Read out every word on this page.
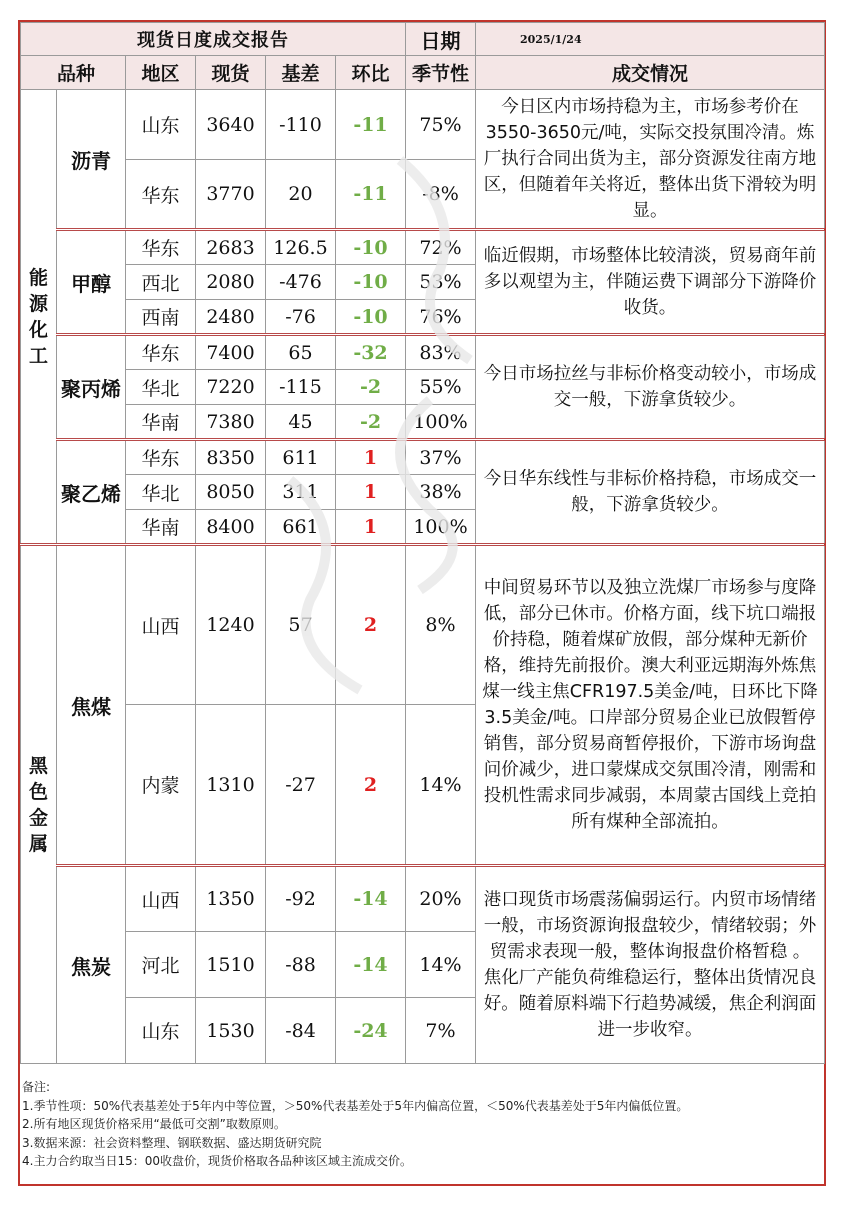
现货日度成交报告						日期	2025/1/24
品种		地区	现货	基差	环比	季节性	成交情况

能
源
化
工	沥青	山东	3640	-110	-11	75%	今日区内市场持稳为主，市场参考价在3550-3650元/吨，实际交投氛围冷清。炼厂执行合同出货为主，部分资源发往南方地区，但随着年关将近，整体出货下滑较为明显。
		华东	3770	20	-11	-8%	
	甲醇	华东	2683	126.5	-10	72%	临近假期，市场整体比较清淡，贸易商年前多以观望为主，伴随运费下调部分下游降价收货。
		西北	2080	-476	-10	53%	
		西南	2480	-76	-10	76%	
	聚丙烯	华东	7400	65	-32	83%	今日市场拉丝与非标价格变动较小，市场成交一般，下游拿货较少。
		华北	7220	-115	-2	55%	
		华南	7380	45	-2	100%	
	聚乙烯	华东	8350	611	1	37%	今日华东线性与非标价格持稳，市场成交一般，下游拿货较少。
		华北	8050	311	1	38%	
		华南	8400	661	1	100%	

黑
色
金
属	焦煤	山西	1240	57	2	8%	中间贸易环节以及独立洗煤厂市场参与度降低，部分已休市。价格方面，线下坑口端报价持稳，随着煤矿放假，部分煤种无新价格，维持先前报价。澳大利亚远期海外炼焦煤一线主焦CFR197.5美金/吨，日环比下降3.5美金/吨。口岸部分贸易企业已放假暂停销售，部分贸易商暂停报价，下游市场询盘问价减少，进口蒙煤成交氛围冷清，刚需和投机性需求同步减弱，本周蒙古国线上竞拍所有煤种全部流拍。
		内蒙	1310	-27	2	14%	
	焦炭	山西	1350	-92	-14	20%	港口现货市场震荡偏弱运行。内贸市场情绪一般，市场资源询报盘较少，情绪较弱；外贸需求表现一般，整体询报盘价格暂稳 。焦化厂产能负荷维稳运行，整体出货情况良好。随着原料端下行趋势减缓，焦企利润面进一步收窄。
		河北	1510	-88	-14	14%	
		山东	1530	-84	-24	7%	
备注:
1.季节性项：50%代表基差处于5年内中等位置，＞50%代表基差处于5年内偏高位置，＜50%代表基差处于5年内偏低位置。
2.所有地区现货价格采用“最低可交割”取数原则。
3.数据来源：社会资料整理、钢联数据、盛达期货研究院
4.主力合约取当日15：00收盘价，现货价格取各品种该区域主流成交价。
